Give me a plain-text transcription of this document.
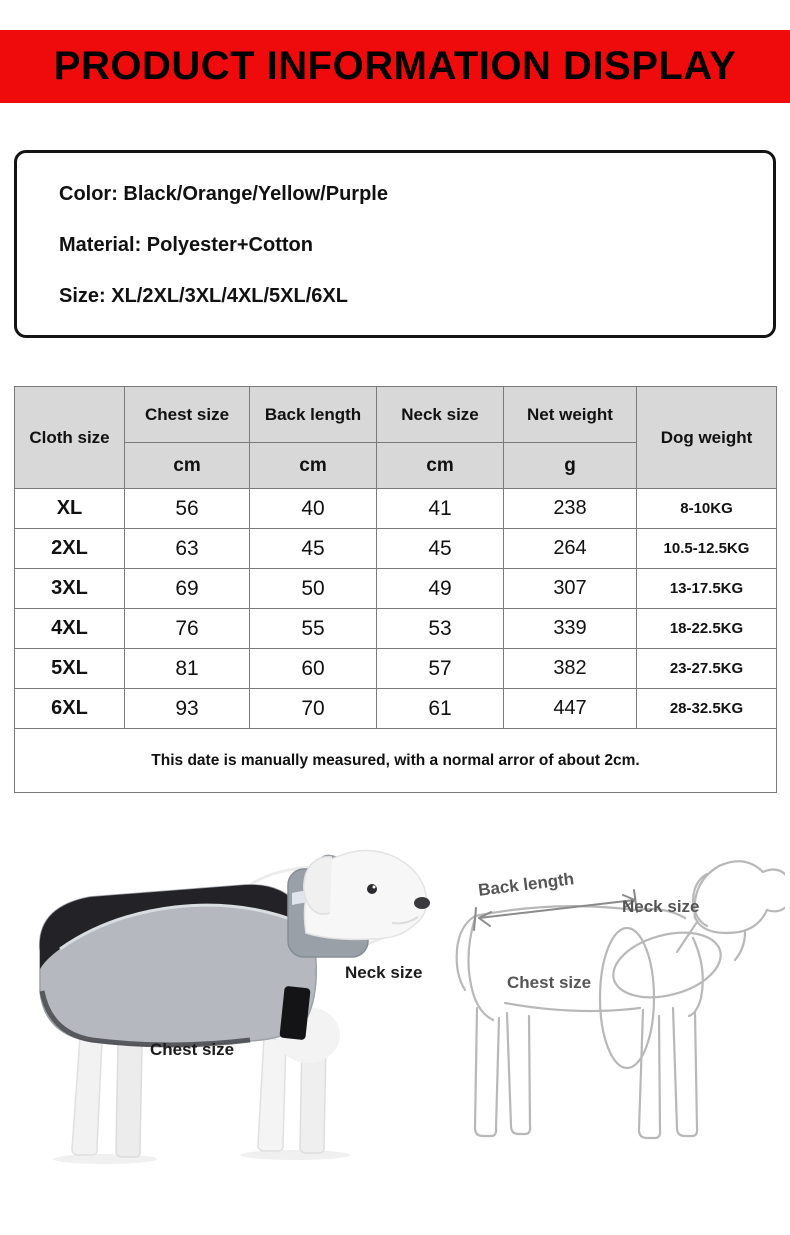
PRODUCT INFORMATION DISPLAY

Color: Black/Orange/Yellow/Purple

Material: Polyester+Cotton

Size: XL/2XL/3XL/4XL/5XL/6XL

Cloth size	Chest size	Back length	Neck size	Net weight	Dog weight
	cm	cm	cm	g	
XL	56	40	41	238	8-10KG
2XL	63	45	45	264	10.5-12.5KG
3XL	69	50	49	307	13-17.5KG
4XL	76	55	53	339	18-22.5KG
5XL	81	60	57	382	23-27.5KG
6XL	93	70	61	447	28-32.5KG
This date is manually measured, with a normal arror of about 2cm.					
Neck size
Chest size
Back length
Neck size
Chest size
